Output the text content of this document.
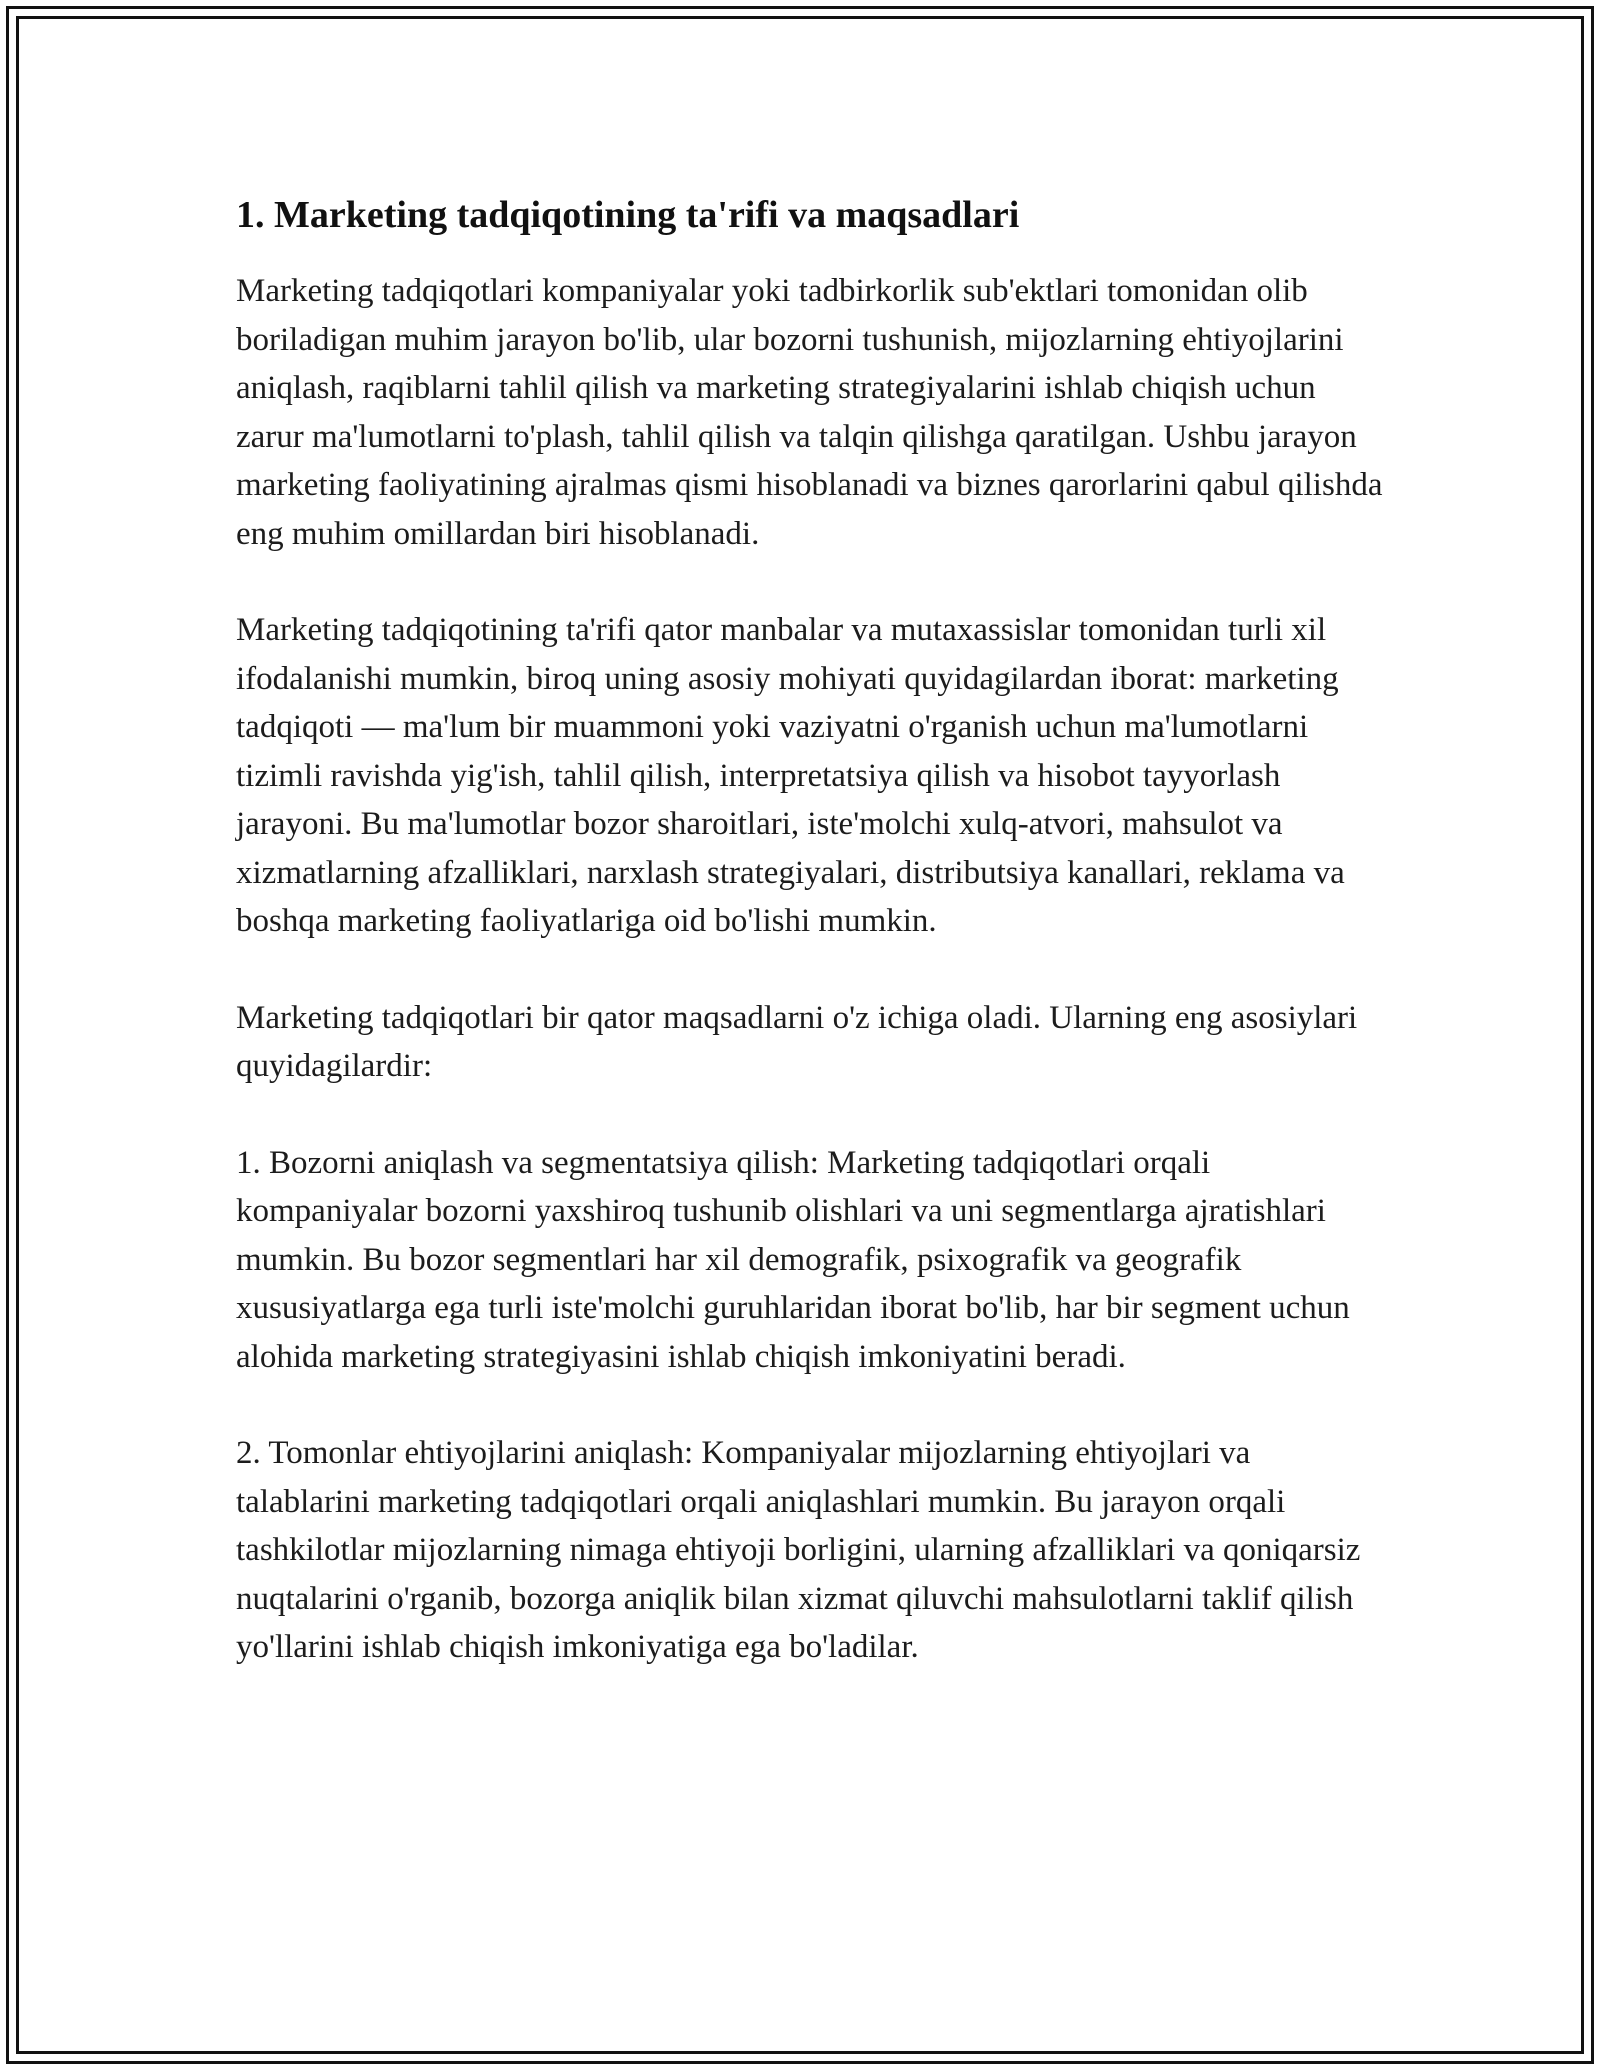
1. Marketing tadqiqotining ta'rifi va maqsadlari

Marketing tadqiqotlari kompaniyalar yoki tadbirkorlik sub'ektlari tomonidan olib boriladigan muhim jarayon bo'lib, ular bozorni tushunish, mijozlarning ehtiyojlarini aniqlash, raqiblarni tahlil qilish va marketing strategiyalarini ishlab chiqish uchun zarur ma'lumotlarni to'plash, tahlil qilish va talqin qilishga qaratilgan. Ushbu jarayon marketing faoliyatining ajralmas qismi hisoblanadi va biznes qarorlarini qabul qilishda eng muhim omillardan biri hisoblanadi.

Marketing tadqiqotining ta'rifi qator manbalar va mutaxassislar tomonidan turli xil ifodalanishi mumkin, biroq uning asosiy mohiyati quyidagilardan iborat: marketing tadqiqoti — ma'lum bir muammoni yoki vaziyatni o'rganish uchun ma'lumotlarni tizimli ravishda yig'ish, tahlil qilish, interpretatsiya qilish va hisobot tayyorlash jarayoni. Bu ma'lumotlar bozor sharoitlari, iste'molchi xulq-atvori, mahsulot va xizmatlarning afzalliklari, narxlash strategiyalari, distributsiya kanallari, reklama va boshqa marketing faoliyatlariga oid bo'lishi mumkin.

Marketing tadqiqotlari bir qator maqsadlarni o'z ichiga oladi. Ularning eng asosiylari quyidagilardir:

1. Bozorni aniqlash va segmentatsiya qilish: Marketing tadqiqotlari orqali kompaniyalar bozorni yaxshiroq tushunib olishlari va uni segmentlarga ajratishlari mumkin. Bu bozor segmentlari har xil demografik, psixografik va geografik xususiyatlarga ega turli iste'molchi guruhlaridan iborat bo'lib, har bir segment uchun alohida marketing strategiyasini ishlab chiqish imkoniyatini beradi.

2. Tomonlar ehtiyojlarini aniqlash: Kompaniyalar mijozlarning ehtiyojlari va talablarini marketing tadqiqotlari orqali aniqlashlari mumkin. Bu jarayon orqali tashkilotlar mijozlarning nimaga ehtiyoji borligini, ularning afzalliklari va qoniqarsiz nuqtalarini o'rganib, bozorga aniqlik bilan xizmat qiluvchi mahsulotlarni taklif qilish yo'llarini ishlab chiqish imkoniyatiga ega bo'ladilar.
